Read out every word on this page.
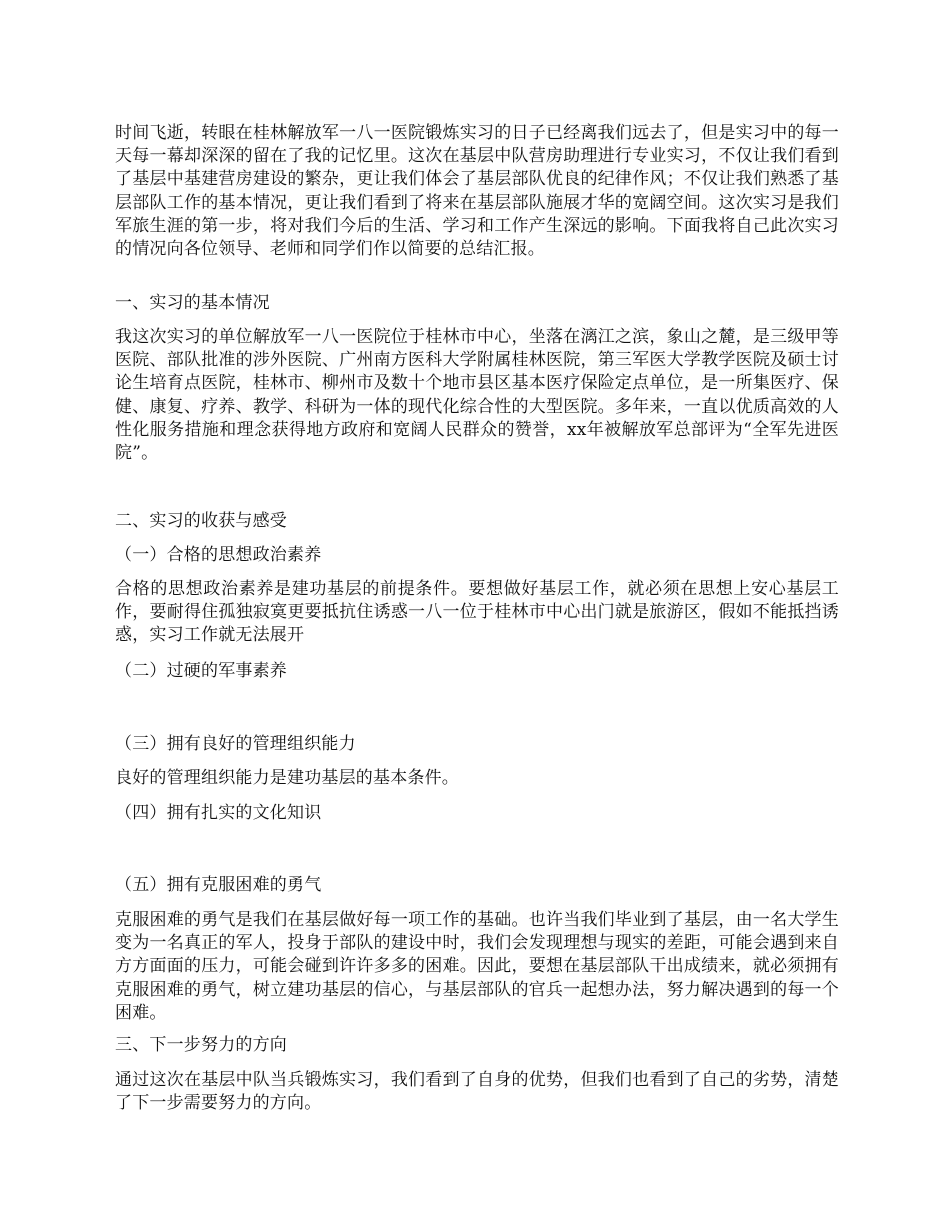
时间飞逝，转眼在桂林解放军一八一医院锻炼实习的日子已经离我们远去了，但是实习中的每一天每一幕却深深的留在了我的记忆里。这次在基层中队营房助理进行专业实习，不仅让我们看到了基层中基建营房建设的繁杂，更让我们体会了基层部队优良的纪律作风；不仅让我们熟悉了基层部队工作的基本情况，更让我们看到了将来在基层部队施展才华的宽阔空间。这次实习是我们军旅生涯的第一步，将对我们今后的生活、学习和工作产生深远的影响。下面我将自己此次实习的情况向各位领导、老师和同学们作以简要的总结汇报。

一、实习的基本情况

我这次实习的单位解放军一八一医院位于桂林市中心，坐落在漓江之滨，象山之麓，是三级甲等医院、部队批准的涉外医院、广州南方医科大学附属桂林医院，第三军医大学教学医院及硕士讨论生培育点医院，桂林市、柳州市及数十个地市县区基本医疗保险定点单位，是一所集医疗、保健、康复、疗养、教学、科研为一体的现代化综合性的大型医院。多年来，一直以优质高效的人性化服务措施和理念获得地方政府和宽阔人民群众的赞誉，xx年被解放军总部评为“全军先进医院”。

二、实习的收获与感受

（一）合格的思想政治素养

合格的思想政治素养是建功基层的前提条件。要想做好基层工作，就必须在思想上安心基层工作，要耐得住孤独寂寞更要抵抗住诱惑一八一位于桂林市中心出门就是旅游区，假如不能抵挡诱惑，实习工作就无法展开

（二）过硬的军事素养

（三）拥有良好的管理组织能力

良好的管理组织能力是建功基层的基本条件。

（四）拥有扎实的文化知识

（五）拥有克服困难的勇气

克服困难的勇气是我们在基层做好每一项工作的基础。也许当我们毕业到了基层，由一名大学生变为一名真正的军人，投身于部队的建设中时，我们会发现理想与现实的差距，可能会遇到来自方方面面的压力，可能会碰到许许多多的困难。因此，要想在基层部队干出成绩来，就必须拥有克服困难的勇气，树立建功基层的信心，与基层部队的官兵一起想办法，努力解决遇到的每一个困难。

三、下一步努力的方向

通过这次在基层中队当兵锻炼实习，我们看到了自身的优势，但我们也看到了自己的劣势，清楚了下一步需要努力的方向。
